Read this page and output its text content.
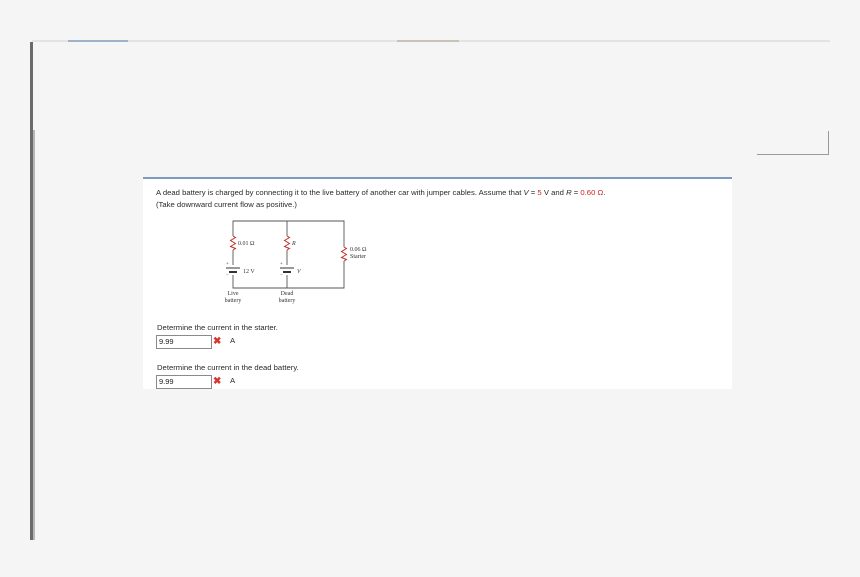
A dead battery is charged by connecting it to the live battery of another car with jumper cables. Assume that V = 5 V and R = 0.60 Ω.
(Take downward current flow as positive.)
0.01 Ω	R
0.06 Ω
Starter
12 V	V
+
−
+
−
Live
battery
Dead
battery
Determine the current in the starter.
9.99	✖ A
Determine the current in the dead battery.
9.99	✖ A
